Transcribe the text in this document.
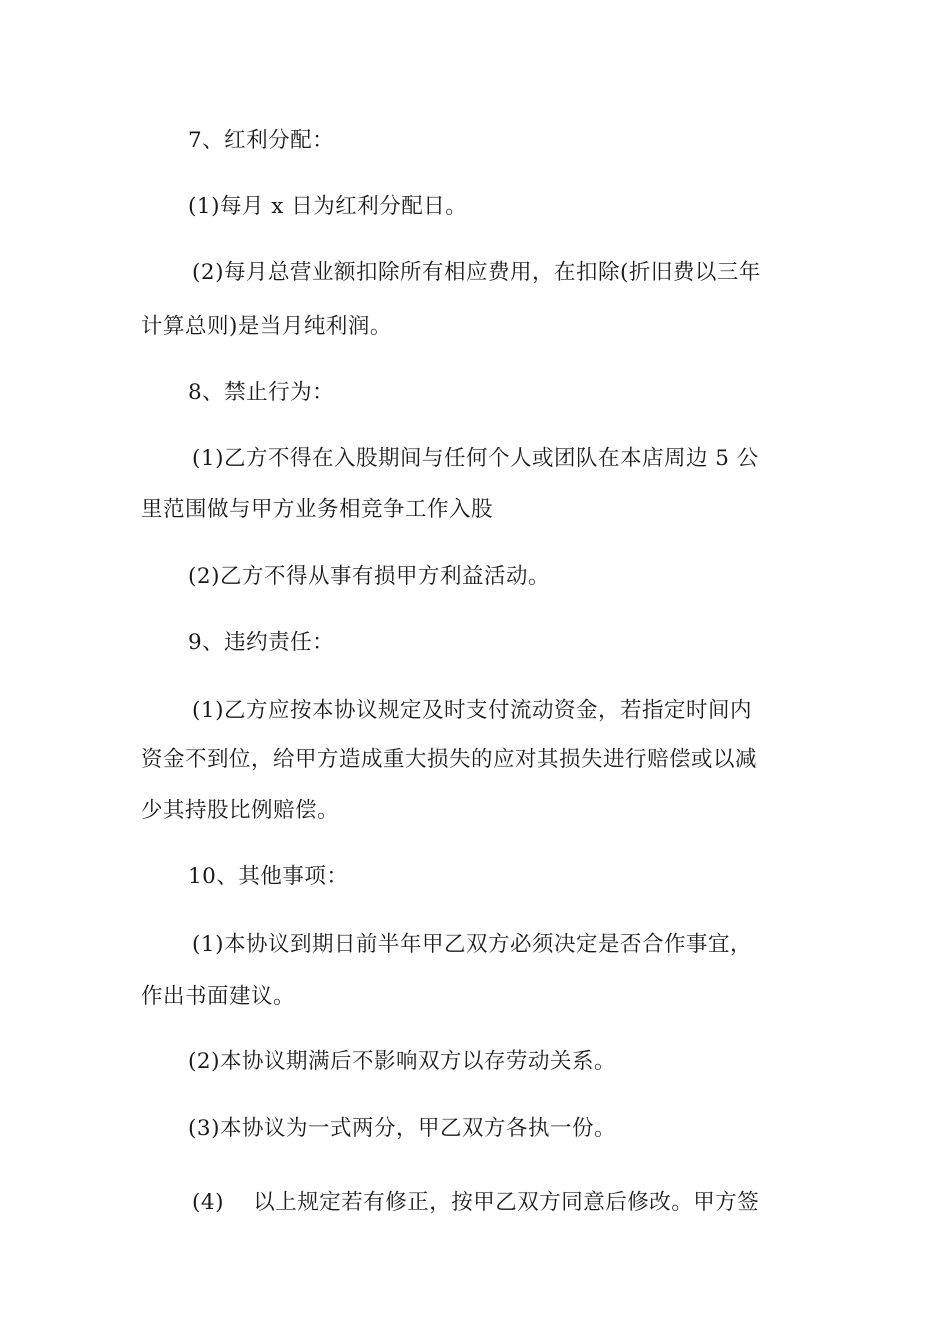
7、红利分配：
(1)每月 x 日为红利分配日。
(2)每月总营业额扣除所有相应费用，在扣除(折旧费以三年
计算总则)是当月纯利润。
8、禁止行为：
(1)乙方不得在入股期间与任何个人或团队在本店周边 5 公
里范围做与甲方业务相竞争工作入股
(2)乙方不得从事有损甲方利益活动。
9、违约责任：
(1)乙方应按本协议规定及时支付流动资金，若指定时间内
资金不到位，给甲方造成重大损失的应对其损失进行赔偿或以减
少其持股比例赔偿。
10、其他事项：
(1)本协议到期日前半年甲乙双方必须决定是否合作事宜，
作出书面建议。
(2)本协议期满后不影响双方以存劳动关系。
(3)本协议为一式两分，甲乙双方各执一份。
(4)    以上规定若有修正，按甲乙双方同意后修改。甲方签
